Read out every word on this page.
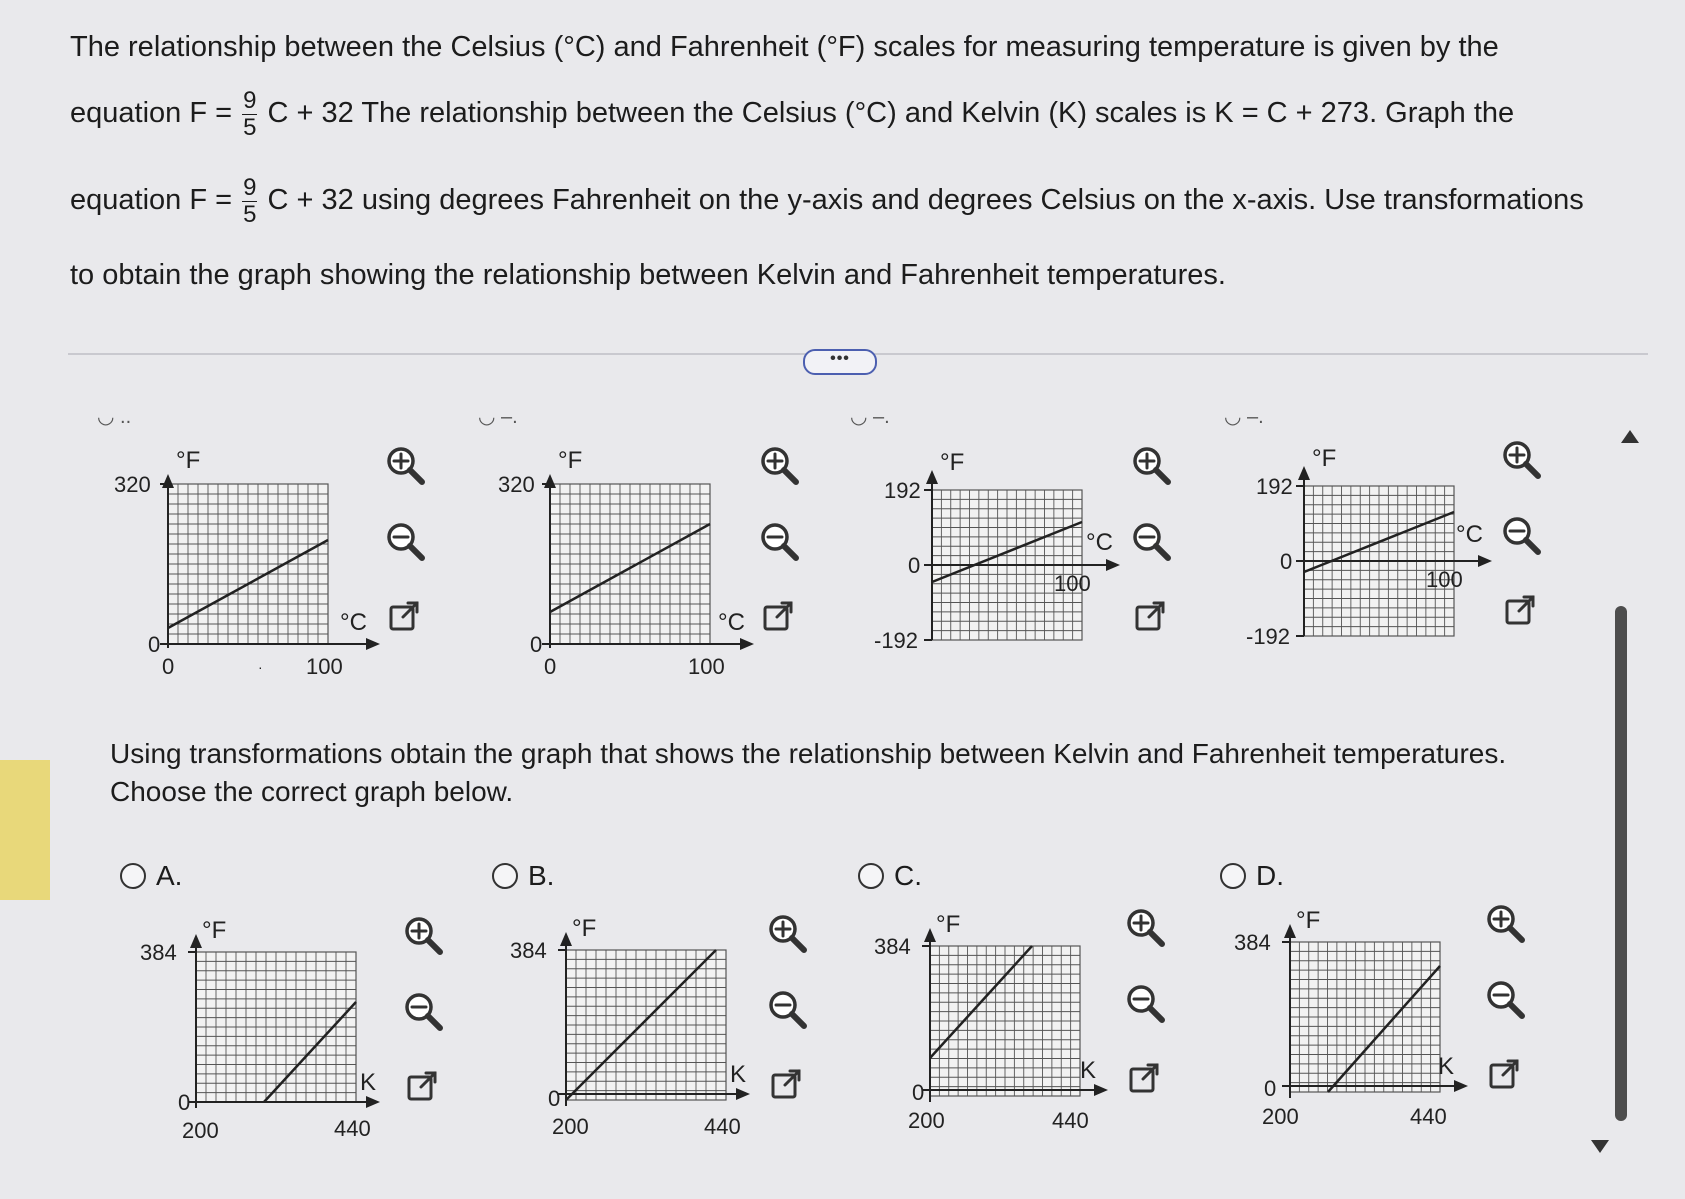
The relationship between the Celsius (°C) and Fahrenheit (°F) scales for measuring temperature is given by the
equation $F = \frac{9}{5}$ C + 32 The relationship between the Celsius (°C) and Kelvin (K) scales is K = C + 273. Graph the
equation $F = \frac{9}{5}$ C + 32 using degrees Fahrenheit on the y-axis and degrees Celsius on the x-axis. Use transformations
to obtain the graph showing the relationship between Kelvin and Fahrenheit temperatures.
•••
◡ ..	◡ –.	◡ –.	◡ –.
320
0
0	100
·
°F
°C
320
0
0	100
°F
°C
192
0
-192
100
°F
°C
192
0
-192
100
°F
°C
Using transformations obtain the graph that shows the relationship between Kelvin and Fahrenheit temperatures.
Choose the correct graph below.
A.	B.	C.	D.
384
0
200	440
°F
K
384
0
200	440
°F
K
384
0
200	440
°F
K
384
0
200	440
°F
K
